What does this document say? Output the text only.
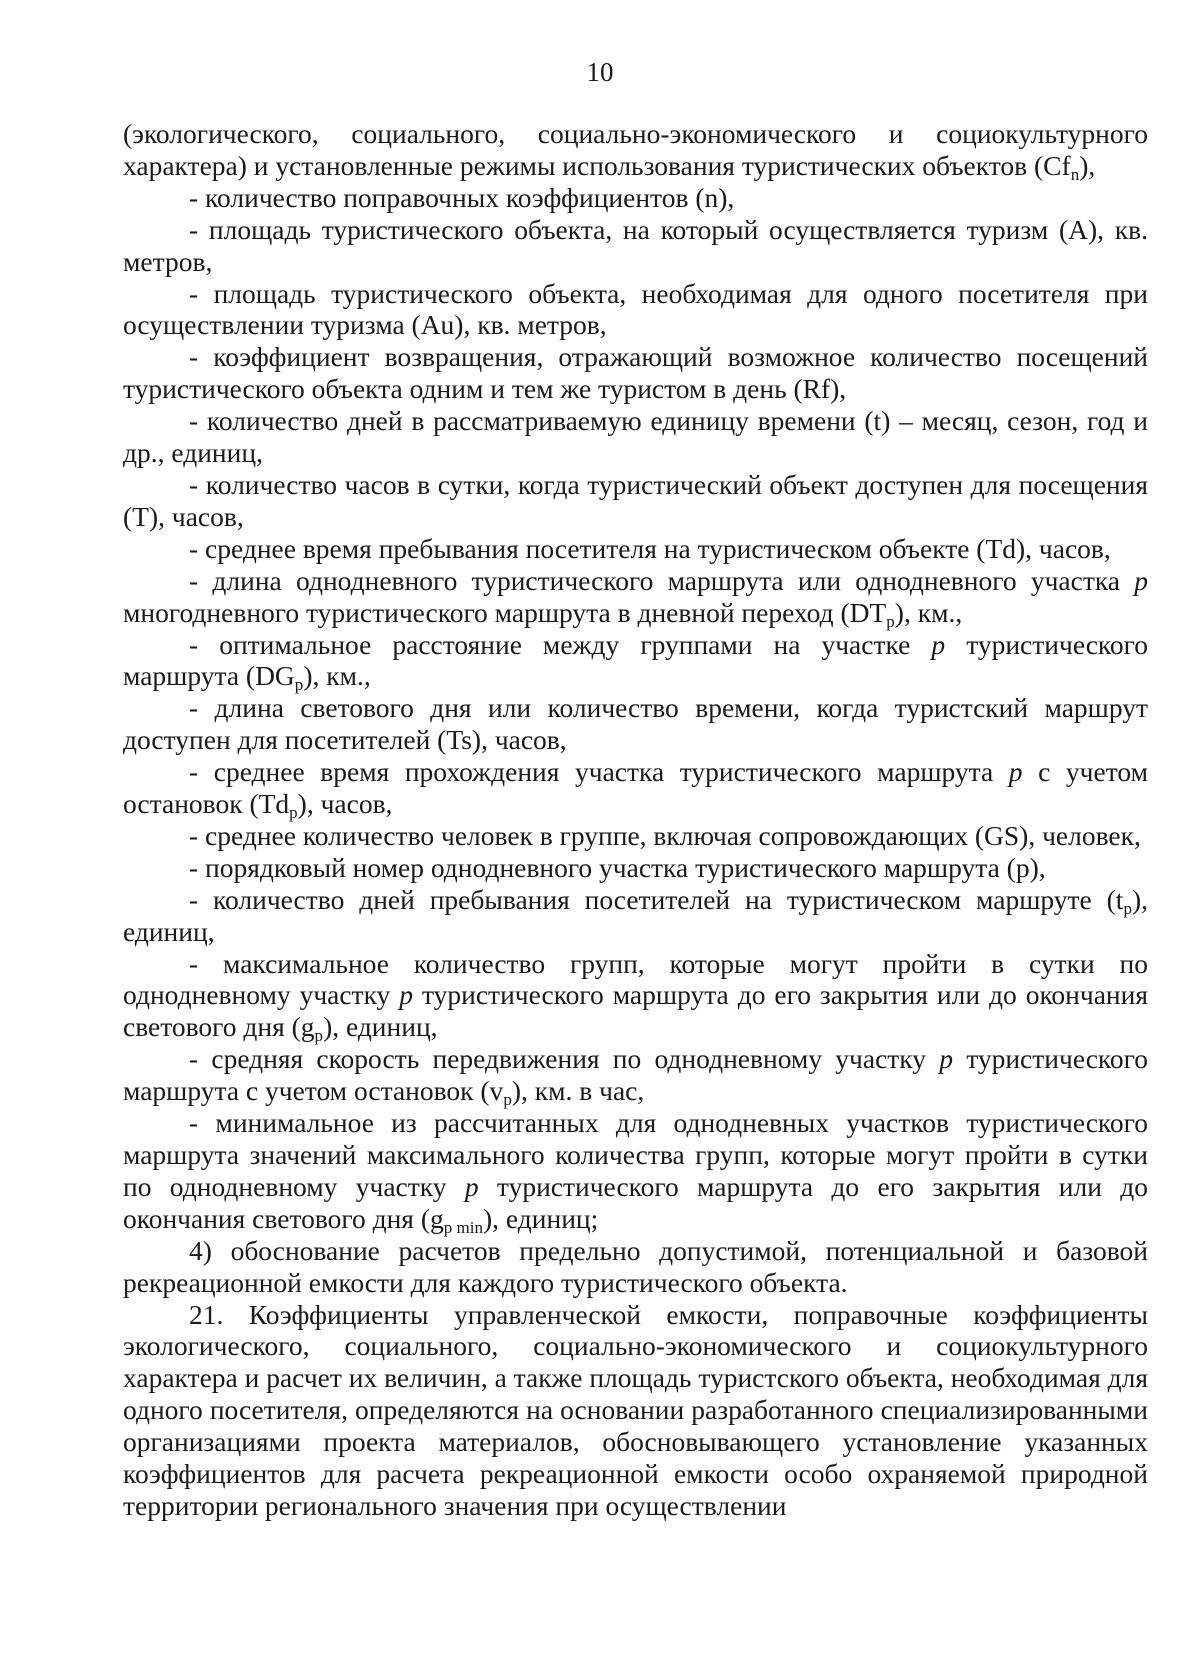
10

(экологического, социального, социально-экономического и социокультурного характера) и установленные режимы использования туристических объектов $(Cf_n)$,

- количество поправочных коэффициентов (n),

- площадь туристического объекта, на который осуществляется туризм (A), кв. метров,

- площадь туристического объекта, необходимая для одного посетителя при осуществлении туризма (Au), кв. метров,

- коэффициент возвращения, отражающий возможное количество посещений туристического объекта одним и тем же туристом в день (Rf),

- количество дней в рассматриваемую единицу времени (t) – месяц, сезон, год и др., единиц,

- количество часов в сутки, когда туристический объект доступен для посещения (T), часов,

- среднее время пребывания посетителя на туристическом объекте (Td), часов,

- длина однодневного туристического маршрута или однодневного участка p многодневного туристического маршрута в дневной переход $(DT_p)$, км.,

- оптимальное расстояние между группами на участке p туристического маршрута $(DG_p)$, км.,

- длина светового дня или количество времени, когда туристский маршрут доступен для посетителей (Ts), часов,

- среднее время прохождения участка туристического маршрута p с учетом остановок $(Td_p)$, часов,

- среднее количество человек в группе, включая сопровождающих (GS), человек,

- порядковый номер однодневного участка туристического маршрута (p),

- количество дней пребывания посетителей на туристическом маршруте $(t_p)$, единиц,

- максимальное количество групп, которые могут пройти в сутки по однодневному участку p туристического маршрута до его закрытия или до окончания светового дня $(g_p)$, единиц,

- средняя скорость передвижения по однодневному участку p туристического маршрута с учетом остановок $(v_p)$, км. в час,

- минимальное из рассчитанных для однодневных участков туристического маршрута значений максимального количества групп, которые могут пройти в сутки по однодневному участку p туристического маршрута до его закрытия или до окончания светового дня $(g_{p min})$, единиц;

4) обоснование расчетов предельно допустимой, потенциальной и базовой рекреационной емкости для каждого туристического объекта.

21. Коэффициенты управленческой емкости, поправочные коэффициенты экологического, социального, социально-экономического и социокультурного характера и расчет их величин, а также площадь туристского объекта, необходимая для одного посетителя, определяются на основании разработанного специализированными организациями проекта материалов, обосновывающего установление указанных коэффициентов для расчета рекреационной емкости особо охраняемой природной территории регионального значения при осуществлении
